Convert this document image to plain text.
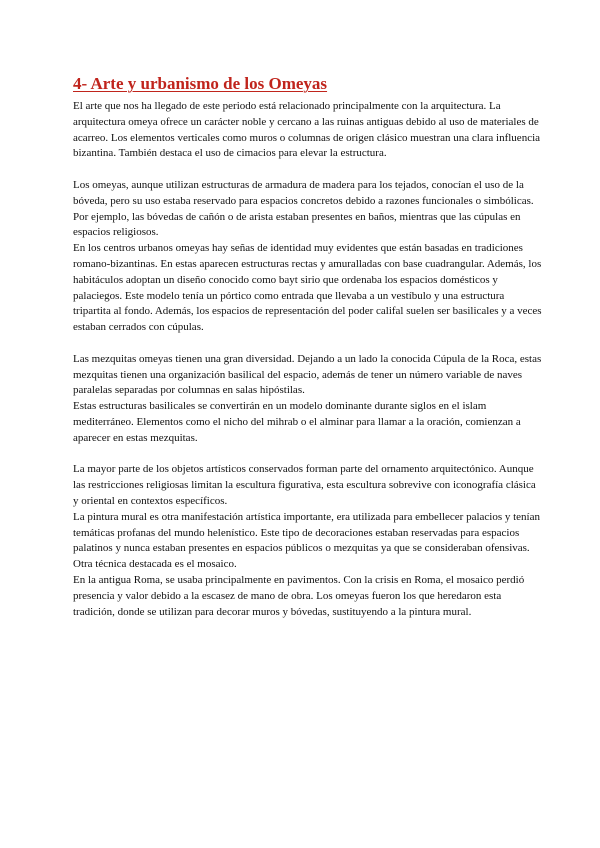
4- Arte y urbanismo de los Omeyas

El arte que nos ha llegado de este periodo está relacionado principalmente con la arquitectura. La arquitectura omeya ofrece un carácter noble y cercano a las ruinas antiguas debido al uso de materiales de acarreo. Los elementos verticales como muros o columnas de origen clásico muestran una clara influencia bizantina. También destaca el uso de cimacios para elevar la estructura.

Los omeyas, aunque utilizan estructuras de armadura de madera para los tejados, conocían el uso de la bóveda, pero su uso estaba reservado para espacios concretos debido a razones funcionales o simbólicas. Por ejemplo, las bóvedas de cañón o de arista estaban presentes en baños, mientras que las cúpulas en espacios religiosos.

En los centros urbanos omeyas hay señas de identidad muy evidentes que están basadas en tradiciones romano-bizantinas. En estas aparecen estructuras rectas y amuralladas con base cuadrangular. Además, los habitáculos adoptan un diseño conocido como bayt sirio que ordenaba los espacios domésticos y palaciegos. Este modelo tenía un pórtico como entrada que llevaba a un vestíbulo y una estructura tripartita al fondo. Además, los espacios de representación del poder califal suelen ser basilicales y a veces estaban cerrados con cúpulas.

Las mezquitas omeyas tienen una gran diversidad. Dejando a un lado la conocida Cúpula de la Roca, estas mezquitas tienen una organización basilical del espacio, además de tener un número variable de naves paralelas separadas por columnas en salas hipóstilas.

Estas estructuras basilicales se convertirán en un modelo dominante durante siglos en el islam mediterráneo. Elementos como el nicho del mihrab o el alminar para llamar a la oración, comienzan a aparecer en estas mezquitas.

La mayor parte de los objetos artísticos conservados forman parte del ornamento arquitectónico. Aunque las restricciones religiosas limitan la escultura figurativa, esta escultura sobrevive con iconografía clásica y oriental en contextos específicos.

La pintura mural es otra manifestación artística importante, era utilizada para embellecer palacios y tenían temáticas profanas del mundo helenístico. Este tipo de decoraciones estaban reservadas para espacios palatinos y nunca estaban presentes en espacios públicos o mezquitas ya que se consideraban ofensivas. Otra técnica destacada es el mosaico.

En la antigua Roma, se usaba principalmente en pavimentos. Con la crisis en Roma, el mosaico perdió presencia y valor debido a la escasez de mano de obra. Los omeyas fueron los que heredaron esta tradición, donde se utilizan para decorar muros y bóvedas, sustituyendo a la pintura mural.
